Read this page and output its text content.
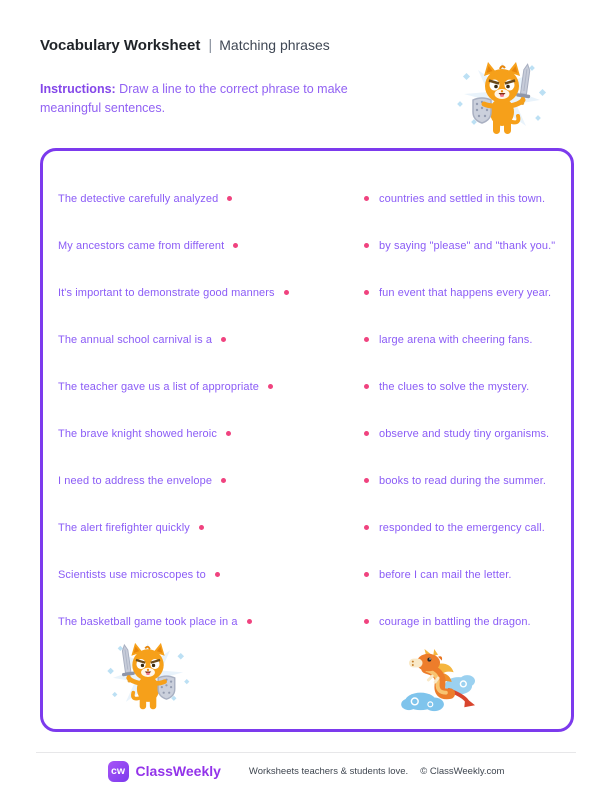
Vocabulary Worksheet | Matching phrases

Instructions: Draw a line to the correct phrase to make meaningful sentences.

The detective carefully analyzed	countries and settled in this town.
My ancestors came from different	by saying "please" and "thank you."
It's important to demonstrate good manners	fun event that happens every year.
The annual school carnival is a	large arena with cheering fans.
The teacher gave us a list of appropriate	the clues to solve the mystery.
The brave knight showed heroic	observe and study tiny organisms.
I need to address the envelope	books to read during the summer.
The alert firefighter quickly	responded to the emergency call.
Scientists use microscopes to	before I can mail the letter.
The basketball game took place in a	courage in battling the dragon.
cw ClassWeekly	Worksheets teachers & students love. © ClassWeekly.com
